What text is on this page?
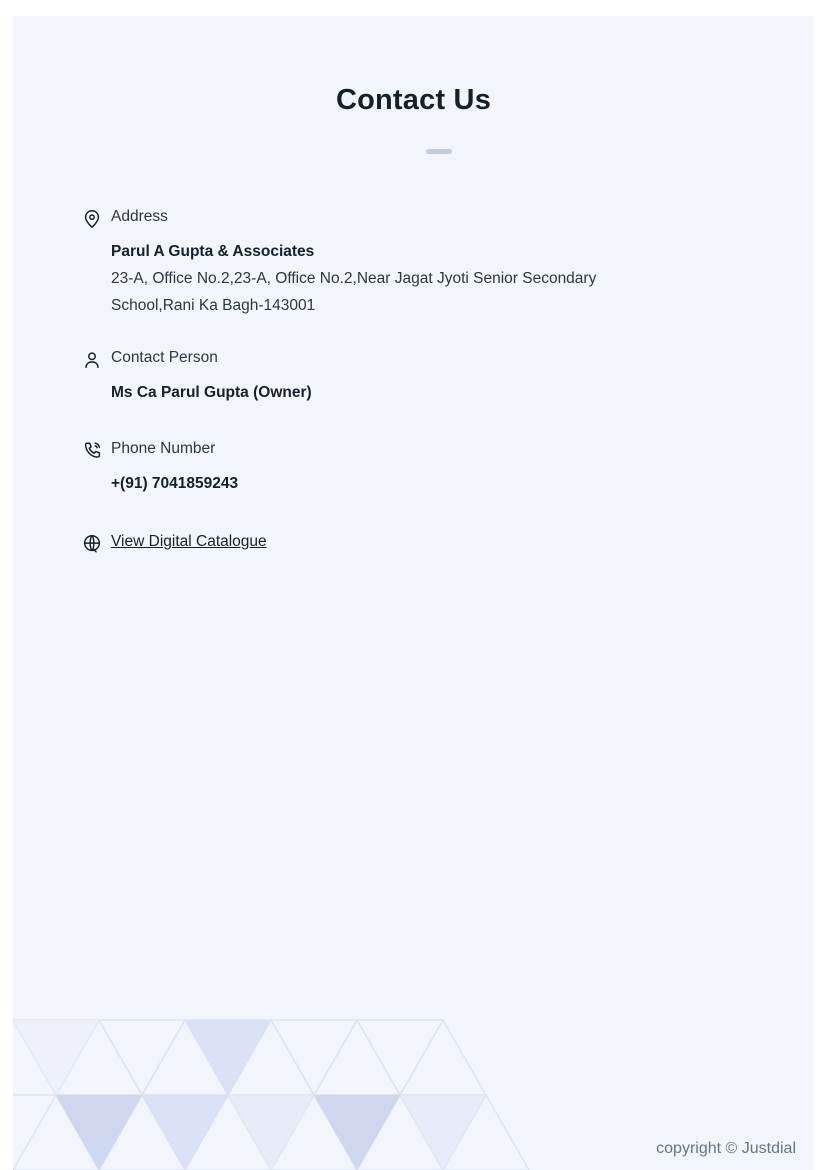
Contact Us
Address
Parul A Gupta & Associates
23-A, Office No.2,23-A, Office No.2,Near Jagat Jyoti Senior Secondary School,Rani Ka Bagh-143001
Contact Person
Ms Ca Parul Gupta (Owner)
Phone Number
+(91) 7041859243
View Digital Catalogue
copyright © Justdial
